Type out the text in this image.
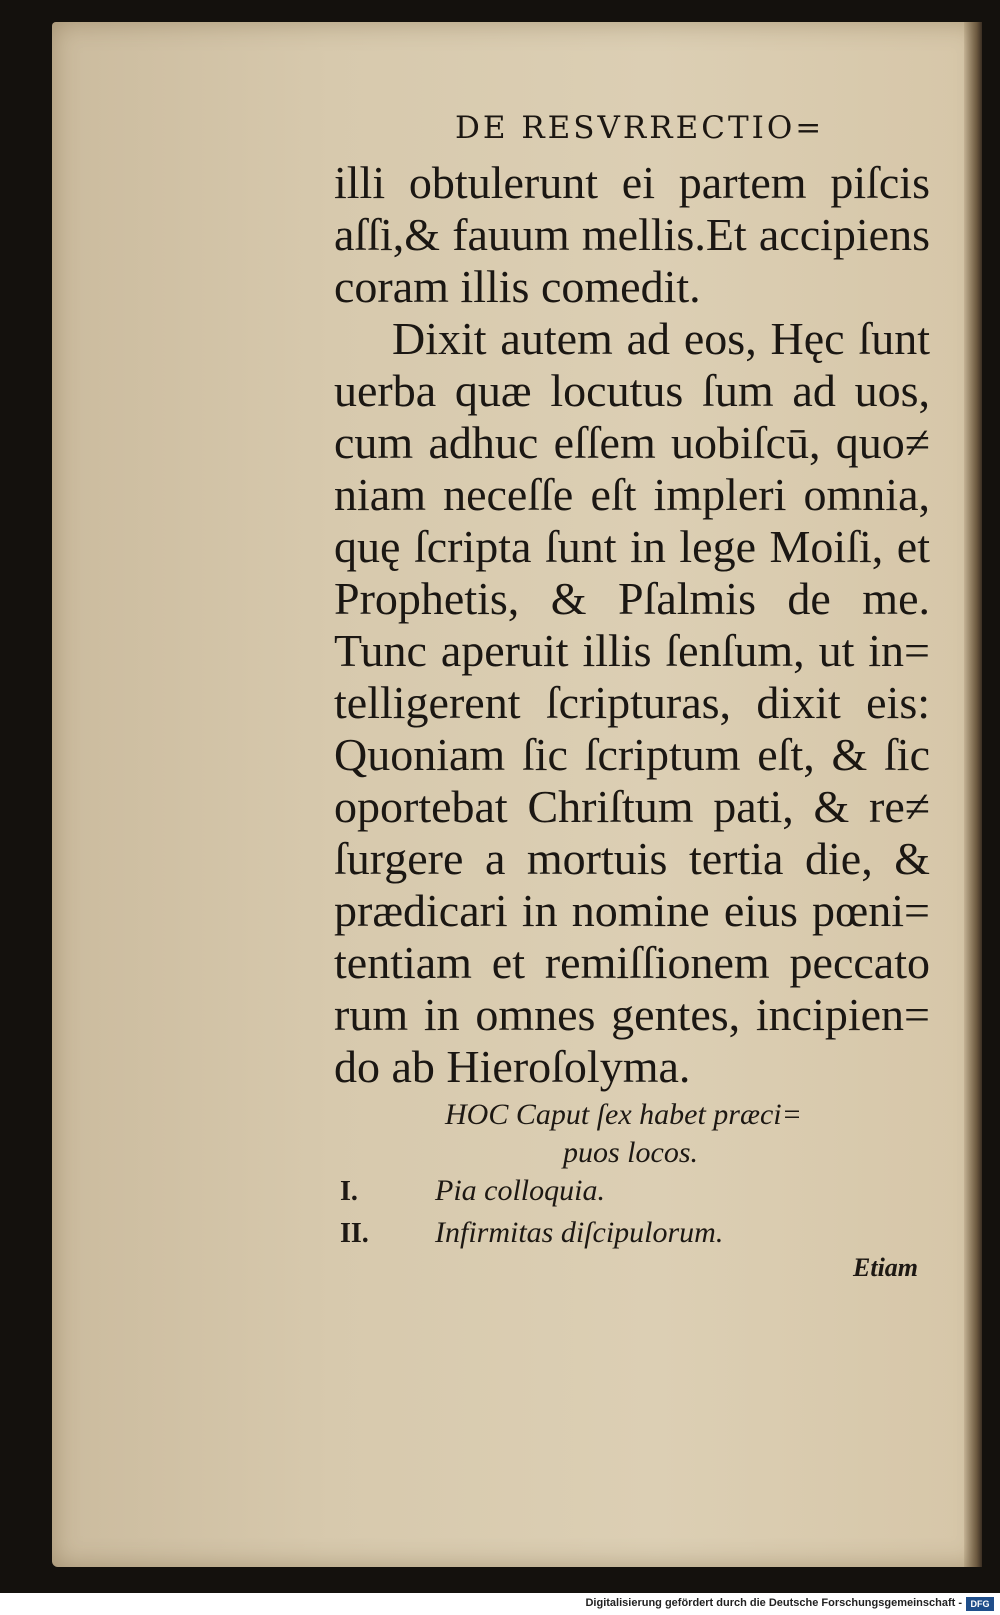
DE RESVRRECTIO=
illi obtulerunt ei partem piſcis
aſſi,& fauum mellis.Et accipiens
coram illis comedit.
Dixit autem ad eos, Hęc ſunt
uerba quæ locutus ſum ad uos,
cum adhuc eſſem uobiſcū, quo≠
niam neceſſe eſt impleri omnia,
quę ſcripta ſunt in lege Moiſi, et
Prophetis, & Pſalmis de me.
Tunc aperuit illis ſenſum, ut in=
telligerent ſcripturas, dixit eis:
Quoniam ſic ſcriptum eſt, & ſic
oportebat Chriſtum pati, & re≠
ſurgere a mortuis tertia die, &
prædicari in nomine eius pœni=
tentiam et remiſſionem peccato
rum in omnes gentes, incipien=
do ab Hieroſolyma.
HOC Caput ſex habet præci=
puos locos.
I.	Pia colloquia.
II. Infirmitas diſcipulorum.
Etiam
Digitalisierung gefördert durch die Deutsche Forschungsgemeinschaft - DFG
